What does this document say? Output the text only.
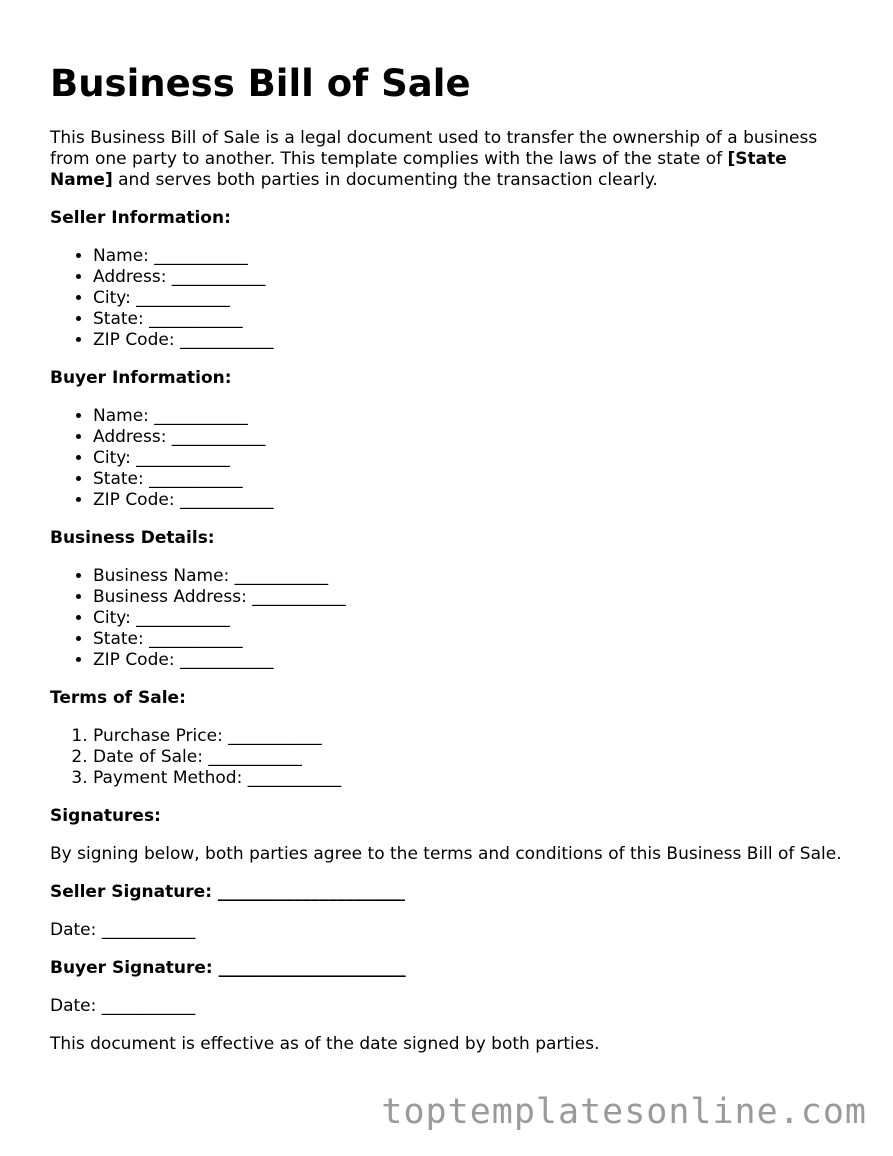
Business Bill of Sale

This Business Bill of Sale is a legal document used to transfer the ownership of a business from one party to another. This template complies with the laws of the state of [State Name] and serves both parties in documenting the transaction clearly.

Seller Information:

• Name: ___________
• Address: ___________
• City: ___________
• State: ___________
• ZIP Code: ___________

Buyer Information:

• Name: ___________
• Address: ___________
• City: ___________
• State: ___________
• ZIP Code: ___________

Business Details:

• Business Name: ___________
• Business Address: ___________
• City: ___________
• State: ___________
• ZIP Code: ___________

Terms of Sale:

1. Purchase Price: ___________
2. Date of Sale: ___________
3. Payment Method: ___________

Signatures:

By signing below, both parties agree to the terms and conditions of this Business Bill of Sale.

Seller Signature: ______________________

Date: ___________

Buyer Signature: ______________________

Date: ___________

This document is effective as of the date signed by both parties.

toptemplatesonline.com
